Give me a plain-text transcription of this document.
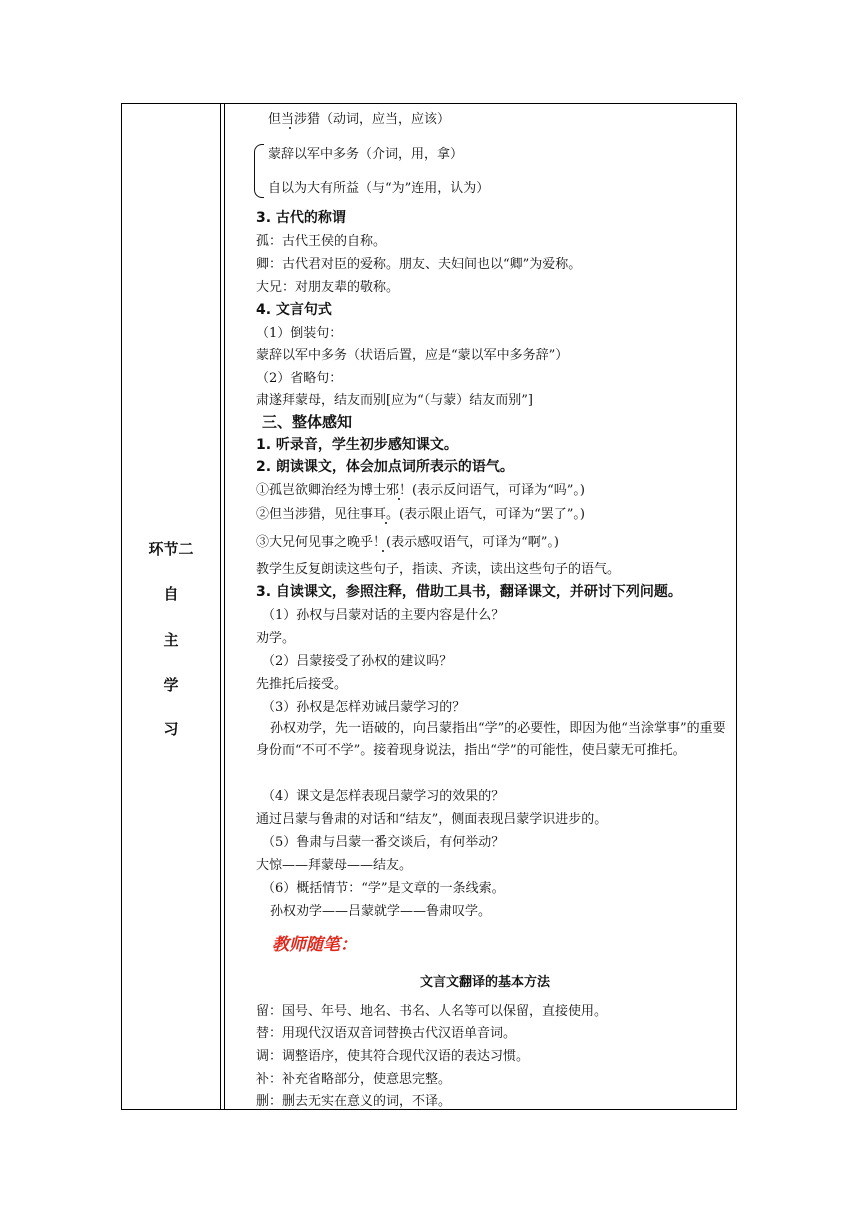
环节二
自
主
学
习
但当涉猎（动词，应当，应该）
蒙辞以军中多务（介词，用，拿）
自以为大有所益（与“为”连用，认为）
3. 古代的称谓
孤：古代王侯的自称。
卿：古代君对臣的爱称。朋友、夫妇间也以“卿”为爱称。
大兄：对朋友辈的敬称。
4. 文言句式
（1）倒装句：
蒙辞以军中多务（状语后置，应是“蒙以军中多务辞”）
（2）省略句：
肃遂拜蒙母，结友而别[应为“（与蒙）结友而别”]
三、整体感知
1. 听录音，学生初步感知课文。
2. 朗读课文，体会加点词所表示的语气。
①孤岂欲卿治经为博士邪！(表示反问语气，可译为“吗”。)
②但当涉猎，见往事耳。(表示限止语气，可译为“罢了”。)
③大兄何见事之晚乎！(表示感叹语气，可译为“啊”。)
教学生反复朗读这些句子，指读、齐读，读出这些句子的语气。
3. 自读课文，参照注释，借助工具书，翻译课文，并研讨下列问题。
（1）孙权与吕蒙对话的主要内容是什么？
劝学。
（2）吕蒙接受了孙权的建议吗？
先推托后接受。
（3）孙权是怎样劝诫吕蒙学习的？
孙权劝学，先一语破的，向吕蒙指出“学”的必要性，即因为他“当涂掌事”的重要身份而“不可不学”。接着现身说法，指出“学”的可能性，使吕蒙无可推托。
（4）课文是怎样表现吕蒙学习的效果的？
通过吕蒙与鲁肃的对话和“结友”，侧面表现吕蒙学识进步的。
（5）鲁肃与吕蒙一番交谈后，有何举动？
大惊——拜蒙母——结友。
（6）概括情节：“学”是文章的一条线索。
孙权劝学——吕蒙就学——鲁肃叹学。
教师随笔：
文言文翻译的基本方法
留：国号、年号、地名、书名、人名等可以保留，直接使用。
替：用现代汉语双音词替换古代汉语单音词。
调：调整语序，使其符合现代汉语的表达习惯。
补：补充省略部分，使意思完整。
删：删去无实在意义的词，不译。
